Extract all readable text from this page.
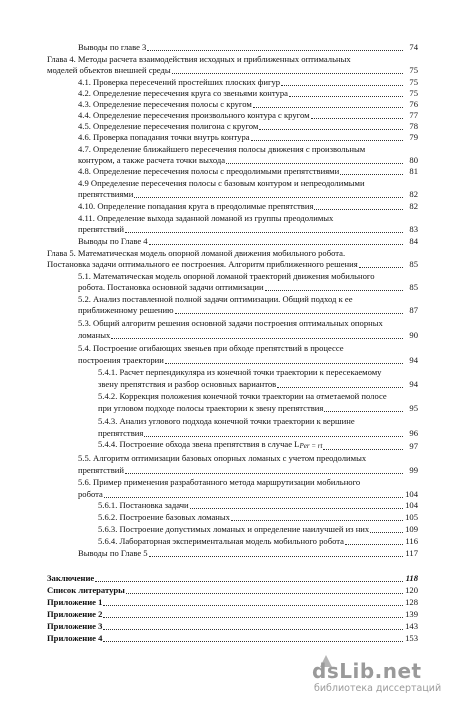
Выводы по главе 3	74
Глава 4. Методы расчета взаимодействия исходных и приближенных оптимальных
моделей объектов внешней среды	75
4.1. Проверка пересечений простейших плоских фигур	75
4.2. Определение пересечения круга со звеньями контура	75
4.3. Определение пересечения полосы с кругом	76
4.4. Определение пересечения произвольного контура с кругом	77
4.5. Определение пересечения полигона с кругом	78
4.6. Проверка попадания точки внутрь контура	79
4.7. Определение ближайшего пересечения полосы движения с произвольным
контуром, а также расчета точки выхода	80
4.8. Определение пересечения полосы с преодолимыми препятствиями	81
4.9 Определение пересечения полосы с базовым контуром и непреодолимыми
препятствиями	82
4.10. Определение попадания круга в преодолимые препятствия	82
4.11. Определение выхода заданной ломаной из группы преодолимых
препятствий	83
Выводы по Главе 4	84
Глава 5. Математическая модель опорной ломаной движения мобильного робота.
Постановка задачи оптимального ее построения. Алгоритм приближенного решения	85
5.1. Математическая модель опорной ломаной траекторий движения мобильного
робота. Постановка основной задачи оптимизации	85
5.2. Анализ поставленной полной задачи оптимизации. Общий подход к ее
приближенному решению	87
5.3. Общий алгоритм решения основной задачи построения оптимальных опорных
ломаных	90
5.4. Построение огибающих звеньев при обходе препятствий в процессе
построения траектории	94
5.4.1. Расчет перпендикуляра из конечной точки траектории к пересекаемому
звену препятствия и разбор основных вариантов	94
5.4.2. Коррекция положения конечной точки траектории на отметаемой полосе
при угловом подходе полосы траектории к звену препятствия	95
5.4.3. Анализ углового подхода конечной точки траектории к вершине
препятствия	96
5.4.4. Построение обхода звена препятствия в случае LPer = rt	97
5.5. Алгоритм оптимизации базовых опорных ломаных с учетом преодолимых
препятствий	99
5.6. Пример применения разработанного метода маршрутизации мобильного
робота	104
5.6.1. Постановка задачи	104
5.6.2. Построение базовых ломаных	105
5.6.3. Построение допустимых ломаных и определение наилучшей из них	109
5.6.4. Лабораторная экспериментальная модель мобильного робота	116
Выводы по Главе 5	117
Заключение	118
Список литературы	120
Приложение 1	128
Приложение 2	139
Приложение 3	143
Приложение 4	153
dsLib.net
библиотека диссертаций
